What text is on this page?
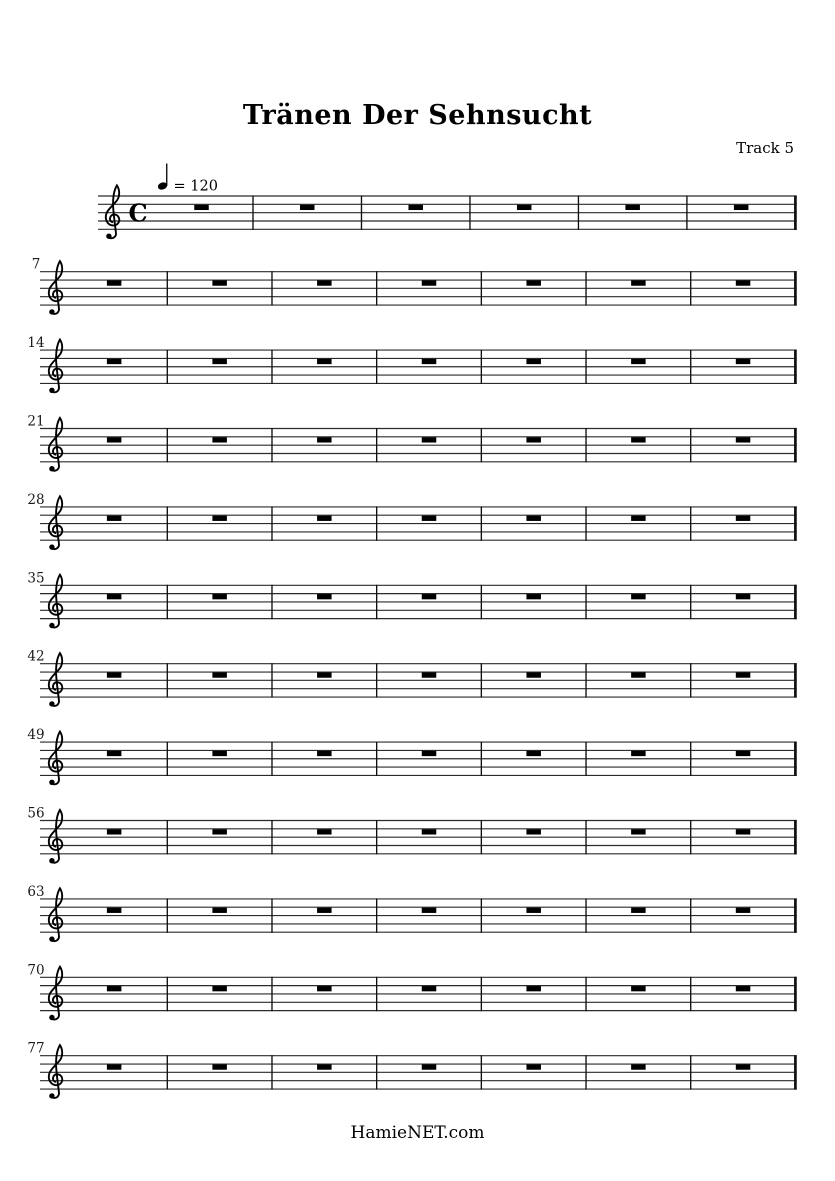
Tränen Der Sehnsucht
Track 5
C
= 120
7
14
21
28
35
42
49
56
63
70
77
HamieNET.com
